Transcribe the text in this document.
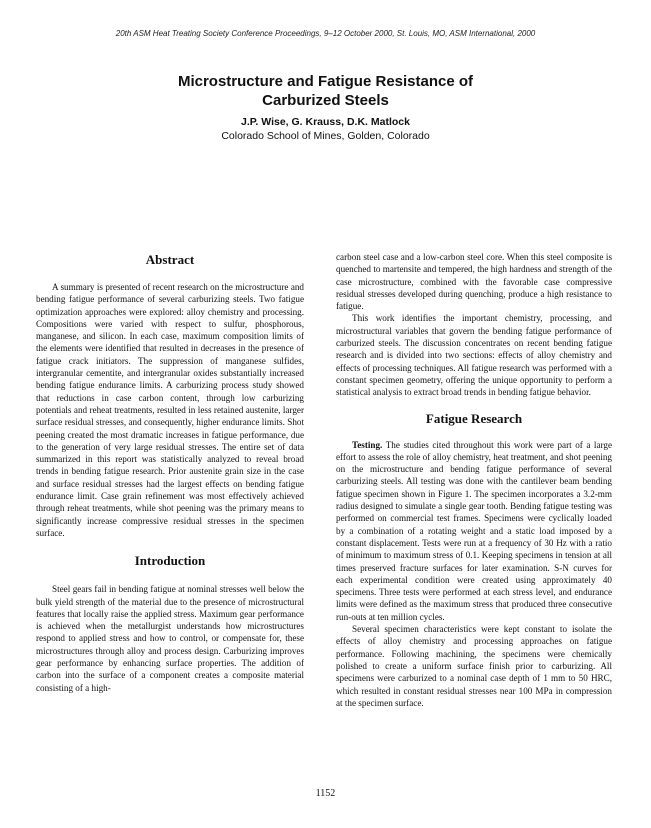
20th ASM Heat Treating Society Conference Proceedings, 9–12 October 2000, St. Louis, MO, ASM International, 2000
Microstructure and Fatigue Resistance of
Carburized Steels
J.P. Wise, G. Krauss, D.K. Matlock
Colorado School of Mines, Golden, Colorado
Abstract

A summary is presented of recent research on the microstructure and bending fatigue performance of several carburizing steels. Two fatigue optimization approaches were explored: alloy chemistry and processing. Compositions were varied with respect to sulfur, phosphorous, manganese, and silicon. In each case, maximum composition limits of the elements were identified that resulted in decreases in the presence of fatigue crack initiators. The suppression of manganese sulfides, intergranular cementite, and intergranular oxides substantially increased bending fatigue endurance limits. A carburizing process study showed that reductions in case carbon content, through low carburizing potentials and reheat treatments, resulted in less retained austenite, larger surface residual stresses, and consequently, higher endurance limits. Shot peening created the most dramatic increases in fatigue performance, due to the generation of very large residual stresses. The entire set of data summarized in this report was statistically analyzed to reveal broad trends in bending fatigue research. Prior austenite grain size in the case and surface residual stresses had the largest effects on bending fatigue endurance limit. Case grain refinement was most effectively achieved through reheat treatments, while shot peening was the primary means to significantly increase compressive residual stresses in the specimen surface.

Introduction

Steel gears fail in bending fatigue at nominal stresses well below the bulk yield strength of the material due to the presence of microstructural features that locally raise the applied stress. Maximum gear performance is achieved when the metallurgist understands how microstructures respond to applied stress and how to control, or compensate for, these microstructures through alloy and process design. Carburizing improves gear performance by enhancing surface properties. The addition of carbon into the surface of a component creates a composite material consisting of a high-

carbon steel case and a low-carbon steel core. When this steel composite is quenched to martensite and tempered, the high hardness and strength of the case microstructure, combined with the favorable case compressive residual stresses developed during quenching, produce a high resistance to fatigue.

This work identifies the important chemistry, processing, and microstructural variables that govern the bending fatigue performance of carburized steels. The discussion concentrates on recent bending fatigue research and is divided into two sections: effects of alloy chemistry and effects of processing techniques. All fatigue research was performed with a constant specimen geometry, offering the unique opportunity to perform a statistical analysis to extract broad trends in bending fatigue behavior.

Fatigue Research

Testing. The studies cited throughout this work were part of a large effort to assess the role of alloy chemistry, heat treatment, and shot peening on the microstructure and bending fatigue performance of several carburizing steels. All testing was done with the cantilever beam bending fatigue specimen shown in Figure 1. The specimen incorporates a 3.2-mm radius designed to simulate a single gear tooth. Bending fatigue testing was performed on commercial test frames. Specimens were cyclically loaded by a combination of a rotating weight and a static load imposed by a constant displacement. Tests were run at a frequency of 30 Hz with a ratio of minimum to maximum stress of 0.1. Keeping specimens in tension at all times preserved fracture surfaces for later examination. S-N curves for each experimental condition were created using approximately 40 specimens. Three tests were performed at each stress level, and endurance limits were defined as the maximum stress that produced three consecutive run-outs at ten million cycles.

Several specimen characteristics were kept constant to isolate the effects of alloy chemistry and processing approaches on fatigue performance. Following machining, the specimens were chemically polished to create a uniform surface finish prior to carburizing. All specimens were carburized to a nominal case depth of 1 mm to 50 HRC, which resulted in constant residual stresses near 100 MPa in compression at the specimen surface.

1152
